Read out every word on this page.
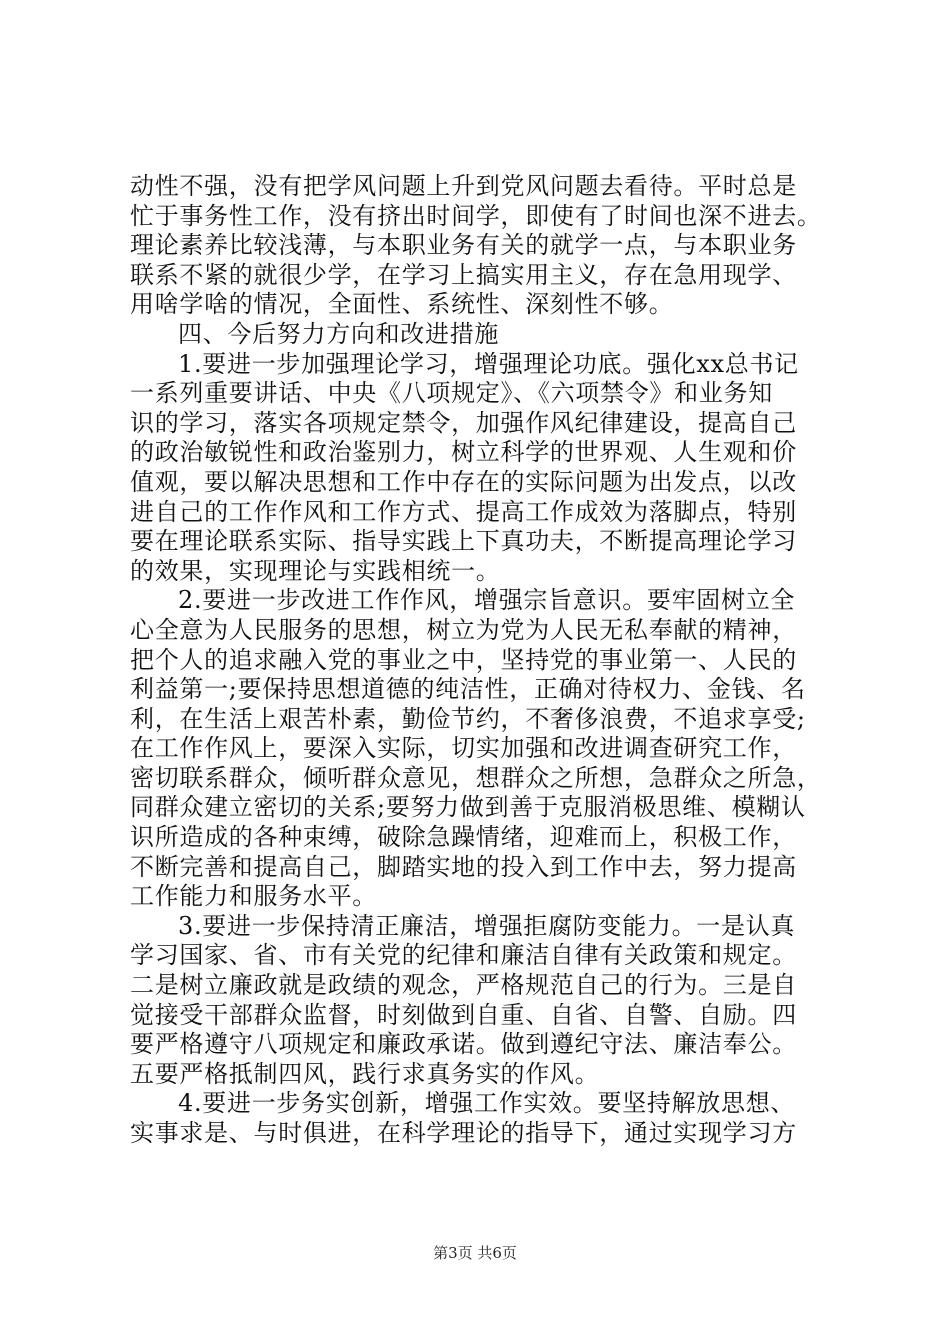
动性不强，没有把学风问题上升到党风问题去看待。平时总是
忙于事务性工作，没有挤出时间学，即使有了时间也深不进去。
理论素养比较浅薄，与本职业务有关的就学一点，与本职业务
联系不紧的就很少学，在学习上搞实用主义，存在急用现学、
用啥学啥的情况，全面性、系统性、深刻性不够。
四、今后努力方向和改进措施
1.要进一步加强理论学习，增强理论功底。强化xx总书记
一系列重要讲话、中央《八项规定》、《六项禁令》和业务知
识的学习，落实各项规定禁令，加强作风纪律建设，提高自己
的政治敏锐性和政治鉴别力，树立科学的世界观、人生观和价
值观，要以解决思想和工作中存在的实际问题为出发点，以改
进自己的工作作风和工作方式、提高工作成效为落脚点，特别
要在理论联系实际、指导实践上下真功夫，不断提高理论学习
的效果，实现理论与实践相统一。
2.要进一步改进工作作风，增强宗旨意识。要牢固树立全
心全意为人民服务的思想，树立为党为人民无私奉献的精神，
把个人的追求融入党的事业之中，坚持党的事业第一、人民的
利益第一;要保持思想道德的纯洁性，正确对待权力、金钱、名
利，在生活上艰苦朴素，勤俭节约，不奢侈浪费，不追求享受;
在工作作风上，要深入实际，切实加强和改进调查研究工作，
密切联系群众，倾听群众意见，想群众之所想，急群众之所急，
同群众建立密切的关系;要努力做到善于克服消极思维、模糊认
识所造成的各种束缚，破除急躁情绪，迎难而上，积极工作，
不断完善和提高自己，脚踏实地的投入到工作中去，努力提高
工作能力和服务水平。
3.要进一步保持清正廉洁，增强拒腐防变能力。一是认真
学习国家、省、市有关党的纪律和廉洁自律有关政策和规定。
二是树立廉政就是政绩的观念，严格规范自己的行为。三是自
觉接受干部群众监督，时刻做到自重、自省、自警、自励。四
要严格遵守八项规定和廉政承诺。做到遵纪守法、廉洁奉公。
五要严格抵制四风，践行求真务实的作风。
4.要进一步务实创新，增强工作实效。要坚持解放思想、
实事求是、与时俱进，在科学理论的指导下，通过实现学习方
第3页 共6页
